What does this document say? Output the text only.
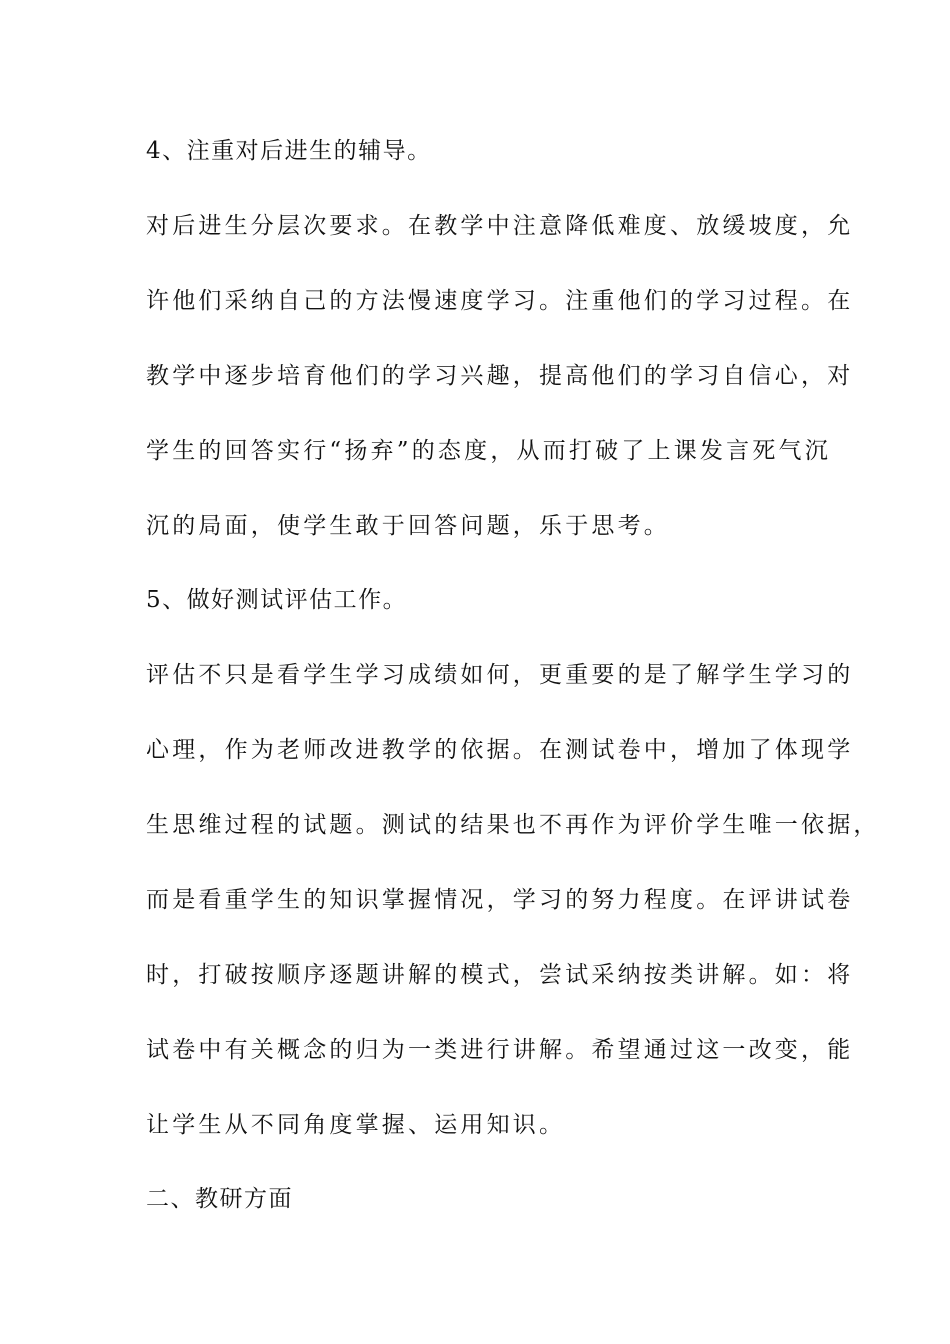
4、注重对后进生的辅导。

对后进生分层次要求。在教学中注意降低难度、放缓坡度，允

许他们采纳自己的方法慢速度学习。注重他们的学习过程。在

教学中逐步培育他们的学习兴趣，提高他们的学习自信心，对

学生的回答实行“扬弃”的态度，从而打破了上课发言死气沉

沉的局面，使学生敢于回答问题，乐于思考。

5、做好测试评估工作。

评估不只是看学生学习成绩如何，更重要的是了解学生学习的

心理，作为老师改进教学的依据。在测试卷中，增加了体现学

生思维过程的试题。测试的结果也不再作为评价学生唯一依据，

而是看重学生的知识掌握情况，学习的努力程度。在评讲试卷

时，打破按顺序逐题讲解的模式，尝试采纳按类讲解。如：将

试卷中有关概念的归为一类进行讲解。希望通过这一改变，能

让学生从不同角度掌握、运用知识。

二、教研方面
